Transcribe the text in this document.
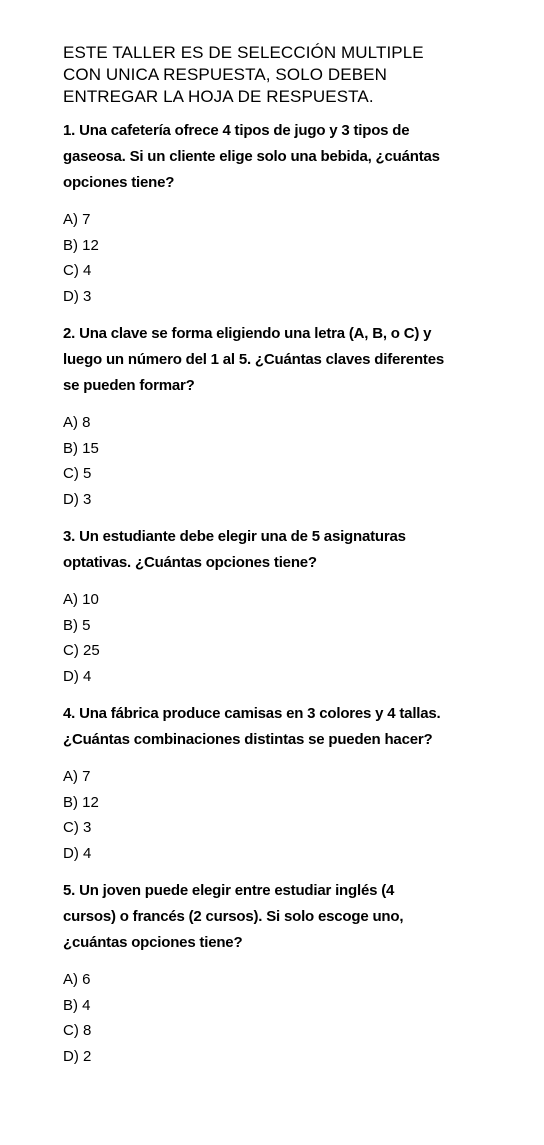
ESTE TALLER ES DE SELECCIÓN MULTIPLE
CON UNICA RESPUESTA, SOLO DEBEN
ENTREGAR LA HOJA DE RESPUESTA.

1. Una cafetería ofrece 4 tipos de jugo y 3 tipos de
gaseosa. Si un cliente elige solo una bebida, ¿cuántas
opciones tiene?

A) 7
B) 12
C) 4
D) 3

2. Una clave se forma eligiendo una letra (A, B, o C) y
luego un número del 1 al 5. ¿Cuántas claves diferentes
se pueden formar?

A) 8
B) 15
C) 5
D) 3

3. Un estudiante debe elegir una de 5 asignaturas
optativas. ¿Cuántas opciones tiene?

A) 10
B) 5
C) 25
D) 4

4. Una fábrica produce camisas en 3 colores y 4 tallas.
¿Cuántas combinaciones distintas se pueden hacer?

A) 7
B) 12
C) 3
D) 4

5. Un joven puede elegir entre estudiar inglés (4
cursos) o francés (2 cursos). Si solo escoge uno,
¿cuántas opciones tiene?

A) 6
B) 4
C) 8
D) 2
